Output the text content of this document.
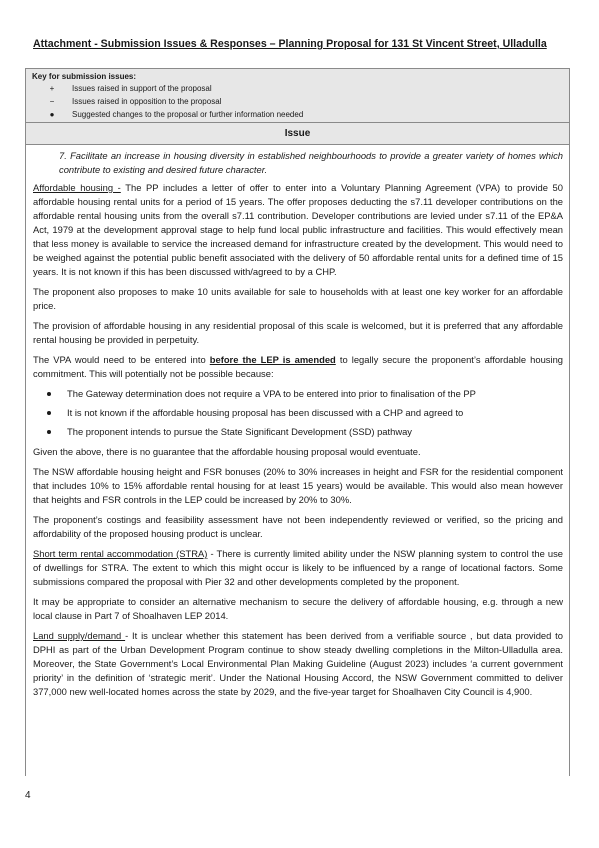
Attachment - Submission Issues & Responses – Planning Proposal for 131 St Vincent Street, Ulladulla
Key for submission issues:
+	Issues raised in support of the proposal
−	Issues raised in opposition to the proposal
●	Suggested changes to the proposal or further information needed
Issue

7. Facilitate an increase in housing diversity in established neighbourhoods to provide a greater variety of homes which contribute to existing and desired future character.

Affordable housing - The PP includes a letter of offer to enter into a Voluntary Planning Agreement (VPA) to provide 50 affordable housing rental units for a period of 15 years. The offer proposes deducting the s7.11 developer contributions on the affordable rental housing units from the overall s7.11 contribution. Developer contributions are levied under s7.11 of the EP&A Act, 1979 at the development approval stage to help fund local public infrastructure and facilities. This would effectively mean that less money is available to service the increased demand for infrastructure created by the development. This would need to be weighed against the potential public benefit associated with the delivery of 50 affordable rental units for a defined time of 15 years. It is not known if this has been discussed with/agreed to by a CHP.

The proponent also proposes to make 10 units available for sale to households with at least one key worker for an affordable price.

The provision of affordable housing in any residential proposal of this scale is welcomed, but it is preferred that any affordable rental housing be provided in perpetuity.

The VPA would need to be entered into before the LEP is amended to legally secure the proponent’s affordable housing commitment. This will potentially not be possible because:

The Gateway determination does not require a VPA to be entered into prior to finalisation of the PP
It is not known if the affordable housing proposal has been discussed with a CHP and agreed to
The proponent intends to pursue the State Significant Development (SSD) pathway

Given the above, there is no guarantee that the affordable housing proposal would eventuate.

The NSW affordable housing height and FSR bonuses (20% to 30% increases in height and FSR for the residential component that includes 10% to 15% affordable rental housing for at least 15 years) would be available. This would also mean however that heights and FSR controls in the LEP could be increased by 20% to 30%.

The proponent’s costings and feasibility assessment have not been independently reviewed or verified, so the pricing and affordability of the proposed housing product is unclear.

Short term rental accommodation (STRA) - There is currently limited ability under the NSW planning system to control the use of dwellings for STRA. The extent to which this might occur is likely to be influenced by a range of locational factors. Some submissions compared the proposal with Pier 32 and other developments completed by the proponent.

It may be appropriate to consider an alternative mechanism to secure the delivery of affordable housing, e.g. through a new local clause in Part 7 of Shoalhaven LEP 2014.

Land supply/demand - It is unclear whether this statement has been derived from a verifiable source , but data provided to DPHI as part of the Urban Development Program continue to show steady dwelling completions in the Milton-Ulladulla area. Moreover, the State Government’s Local Environmental Plan Making Guideline (August 2023) includes ‘a current government priority’ in the definition of ‘strategic merit’. Under the National Housing Accord, the NSW Government committed to deliver 377,000 new well-located homes across the state by 2029, and the five-year target for Shoalhaven City Council is 4,900.

4
